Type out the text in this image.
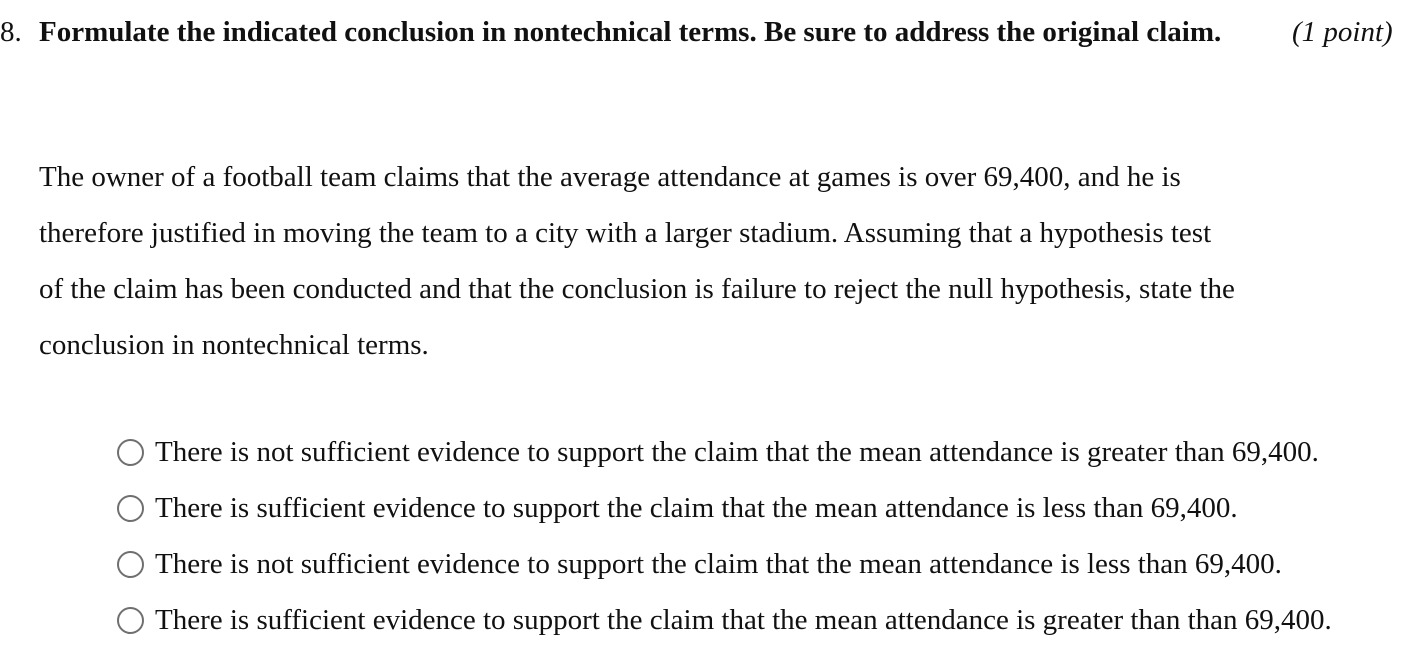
8. Formulate the indicated conclusion in nontechnical terms. Be sure to address the original claim.	(1 point)
The owner of a football team claims that the average attendance at games is over 69,400, and he is therefore justified in moving the team to a city with a larger stadium. Assuming that a hypothesis test of the claim has been conducted and that the conclusion is failure to reject the null hypothesis, state the conclusion in nontechnical terms.
There is not sufficient evidence to support the claim that the mean attendance is greater than 69,400.
There is sufficient evidence to support the claim that the mean attendance is less than 69,400.
There is not sufficient evidence to support the claim that the mean attendance is less than 69,400.
There is sufficient evidence to support the claim that the mean attendance is greater than than 69,400.
